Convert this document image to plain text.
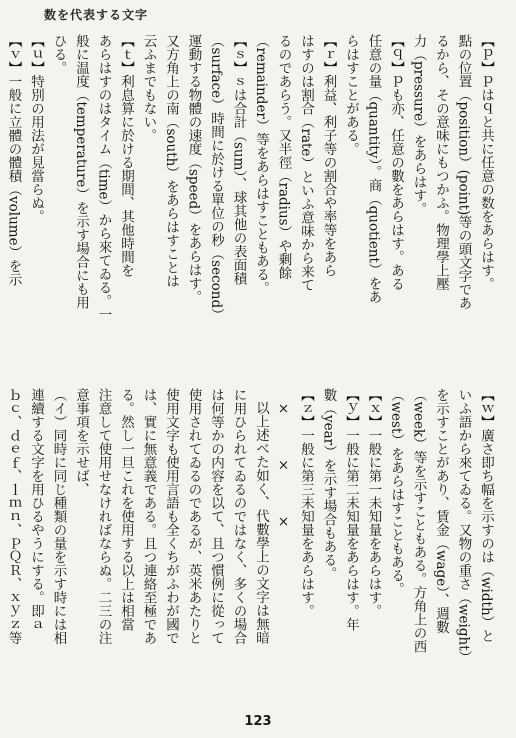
数を代表する文字
【ｐ】ｐはｑと共に任意の数をあらはす。
點の位置（position）(point)等の頭文字であ
るから、その意味にもつかふ。物理學上壓
力（pressure）をあらはす。
【ｑ】ｐも亦、任意の數をあらはす。ある
任意の量（quantity）。商（quotient）をあ
らはすことがある。
【ｒ】利益、利子等の割合や率等をあら
はすのは割合（rate）といふ意味から来て
るのであらう。又半徑（radius）や剰餘
（remainder）等をあらはすこともある。
【ｓ】ｓは合計（sum）、球其他の表面積
（surface）時間に於ける單位の秒（second）
運動する物體の速度（speed）をあらはす。
又方角上の南（south）をあらはすことは
云ふまでもない。
【ｔ】利息算に於ける期間、其他時間を
あらはすのはタイム（time）から來てゐる。一
般に温度（temperature）を示す場合にも用
ひる。
【ｕ】特別の用法が見當らぬ。
【ｖ】一般に立體の體積（volume）を示
【ｗ】廣さ即ち幅を示すのは（width）と
いふ語から來てゐる。又物の重さ（weight）
を示すことがあり、賃金（wage）、週數
（week）等を示すこともある。方角上の西
（west）をあらはすこともある。
【ｘ】一般に第一未知量をあらはす。
【ｙ】一般に第二未知量をあらはす。年
數（year）を示す場合もある。
【ｚ】一般に第三未知量をあらはす。
×　　　×　　　×
以上述べた如く、代數學上の文字は無暗
に用ひられてゐるのではなく、多くの場合
は何等かの内容を以て、且つ慣例に從って
使用されてゐるのであるが、英米あたりと
使用文字も使用言語も全くちがふわが國で
は、實に無意義である。且つ連絡至極であ
る。然し一旦これを使用する以上は相當
注意して使用せなければならぬ。二三の注
意事項を示せば、
（イ）同時に同じ種類の量を示す時には相
連續する文字を用ひるやうにする。即ａ
ｂｃ、ｄｅｆ、ｌｍｎ、ＰＱＲ、ｘｙｚ等
123
